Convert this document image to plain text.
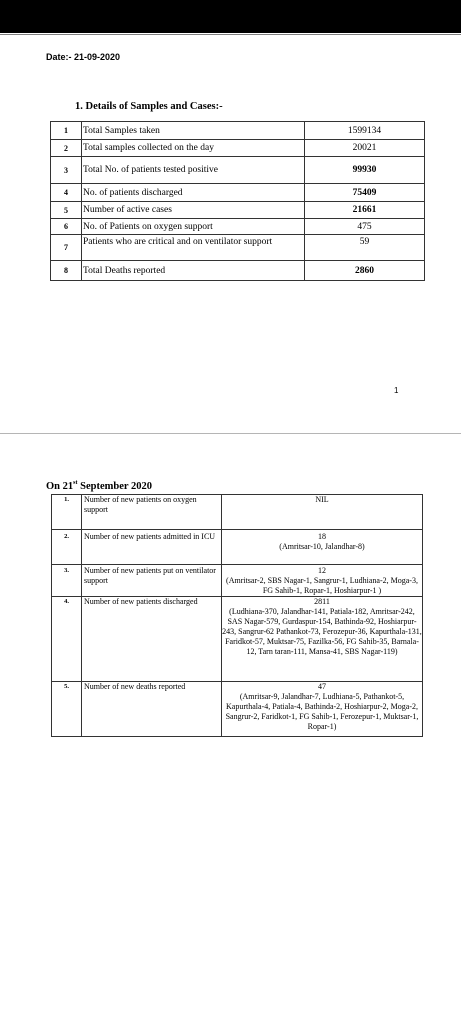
Date:- 21-09-2020
1. Details of Samples and Cases:-
1	Total Samples taken	1599134
2	Total samples collected on the day	20021
3	Total No. of patients tested positive	99930
4	No. of patients discharged	75409
5	Number of active cases	21661
6	No. of Patients on oxygen support	475
7	Patients who are critical and on ventilator support	59
8	Total Deaths reported	2860
1
On 21st September 2020
1.	Number of new patients on oxygen support	NIL

2.	Number of new patients admitted in ICU	18
(Amritsar-10, Jalandhar-8)

3.	Number of new patients put on ventilator support	12
(Amritsar-2, SBS Nagar-1, Sangrur-1, Ludhiana-2, Moga-3, FG Sahib-1, Ropar-1, Hoshiarpur-1 )

4.	Number of new patients discharged	2811
(Ludhiana-370, Jalandhar-141, Patiala-182, Amritsar-242, SAS Nagar-579, Gurdaspur-154, Bathinda-92, Hoshiarpur-243, Sangrur-62 Pathankot-73, Ferozepur-36, Kapurthala-131, Faridkot-57, Muktsar-75, Fazilka-56, FG Sahib-35, Barnala-12, Tarn taran-111, Mansa-41, SBS Nagar-119)

5.	Number of new deaths reported	47
(Amritsar-9, Jalandhar-7, Ludhiana-5, Pathankot-5, Kapurthala-4, Patiala-4, Bathinda-2, Hoshiarpur-2, Moga-2, Sangrur-2, Faridkot-1, FG Sahib-1, Ferozepur-1, Muktsar-1, Ropar-1)
